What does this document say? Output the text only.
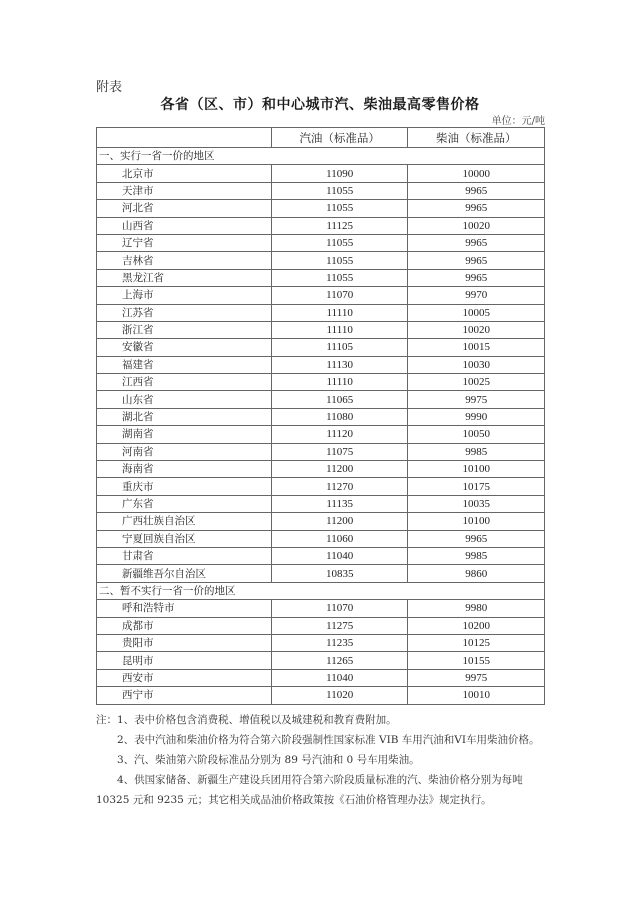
附表
各省（区、市）和中心城市汽、柴油最高零售价格
单位：元/吨
	汽油（标准品）	柴油（标准品）
一、实行一省一价的地区		
北京市	11090	10000
天津市	11055	9965
河北省	11055	9965
山西省	11125	10020
辽宁省	11055	9965
吉林省	11055	9965
黑龙江省	11055	9965
上海市	11070	9970
江苏省	11110	10005
浙江省	11110	10020
安徽省	11105	10015
福建省	11130	10030
江西省	11110	10025
山东省	11065	9975
湖北省	11080	9990
湖南省	11120	10050
河南省	11075	9985
海南省	11200	10100
重庆市	11270	10175
广东省	11135	10035
广西壮族自治区	11200	10100
宁夏回族自治区	11060	9965
甘肃省	11040	9985
新疆维吾尔自治区	10835	9860
二、暂不实行一省一价的地区		
呼和浩特市	11070	9980
成都市	11275	10200
贵阳市	11235	10125
昆明市	11265	10155
西安市	11040	9975
西宁市	11020	10010

注：1、表中价格包含消费税、增值税以及城建税和教育费附加。

2、表中汽油和柴油价格为符合第六阶段强制性国家标准 VIB 车用汽油和VI车用柴油价格。

3、汽、柴油第六阶段标准品分别为 89 号汽油和 0 号车用柴油。

4、供国家储备、新疆生产建设兵团用符合第六阶段质量标准的汽、柴油价格分别为每吨 10325 元和 9235 元；其它相关成品油价格政策按《石油价格管理办法》规定执行。
